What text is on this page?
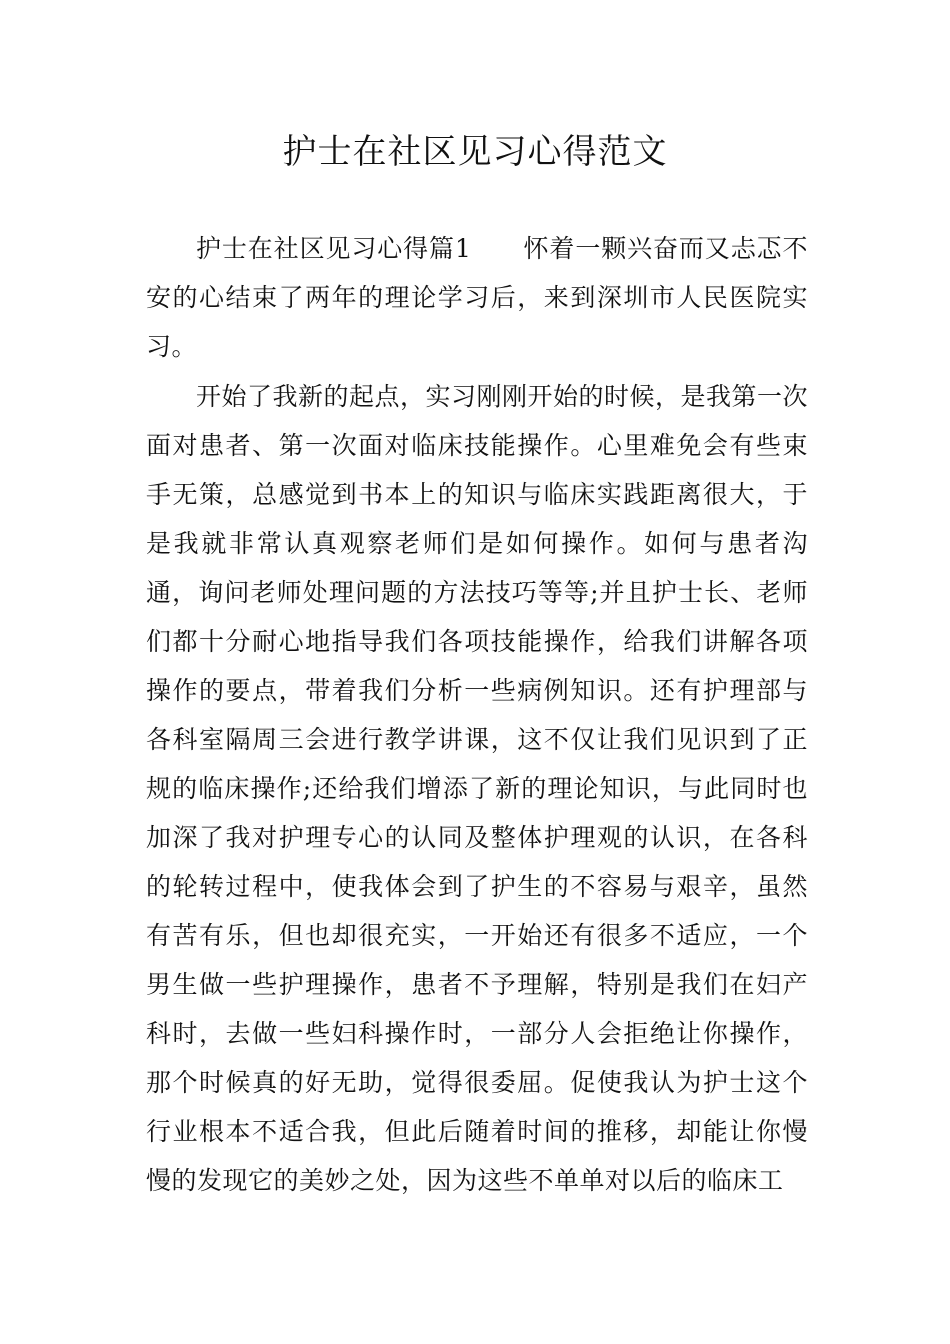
护士在社区见习心得范文

护士在社区见习心得篇1　　怀着一颗兴奋而又忐忑不安的心结束了两年的理论学习后，来到深圳市人民医院实习。

开始了我新的起点，实习刚刚开始的时候，是我第一次面对患者、第一次面对临床技能操作。心里难免会有些束手无策，总感觉到书本上的知识与临床实践距离很大，于是我就非常认真观察老师们是如何操作。如何与患者沟通，询问老师处理问题的方法技巧等等;并且护士长、老师们都十分耐心地指导我们各项技能操作，给我们讲解各项操作的要点，带着我们分析一些病例知识。还有护理部与各科室隔周三会进行教学讲课，这不仅让我们见识到了正规的临床操作;还给我们增添了新的理论知识，与此同时也加深了我对护理专心的认同及整体护理观的认识，在各科的轮转过程中，使我体会到了护生的不容易与艰辛，虽然有苦有乐，但也却很充实，一开始还有很多不适应，一个男生做一些护理操作，患者不予理解，特别是我们在妇产科时，去做一些妇科操作时，一部分人会拒绝让你操作，那个时候真的好无助，觉得很委屈。促使我认为护士这个行业根本不适合我，但此后随着时间的推移，却能让你慢慢的发现它的美妙之处，因为这些不单单对以后的临床工
